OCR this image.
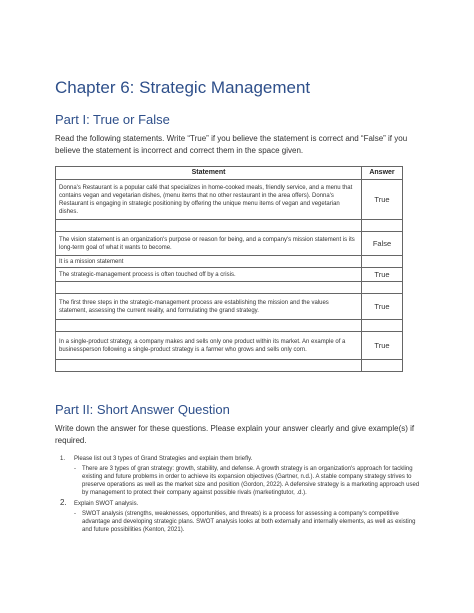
Chapter 6: Strategic Management
Part I: True or False
Read the following statements. Write “True” if you believe the statement is correct and “False” if you believe the statement is incorrect and correct them in the space given.
Statement	Answer
Donna's Restaurant is a popular café that specializes in home-cooked meals, friendly service, and a menu that contains vegan and vegetarian dishes, (menu items that no other restaurant in the area offers). Donna's Restaurant is engaging in strategic positioning by offering the unique menu items of vegan and vegetarian dishes.	True

The vision statement is an organization's purpose or reason for being, and a company's mission statement is its long-term goal of what it wants to become.	False
It is a mission statement	
The strategic-management process is often touched off by a crisis.	True

The first three steps in the strategic-management process are establishing the mission and the values statement, assessing the current reality, and formulating the grand strategy.	True

In a single-product strategy, a company makes and sells only one product within its market. An example of a businessperson following a single-product strategy is a farmer who grows and sells only corn.	True

Part II: Short Answer Question
Write down the answer for these questions. Please explain your answer clearly and give example(s) if required.
1.	Please list out 3 types of Grand Strategies and explain them briefly.
- There are 3 types of gran strategy: growth, stability, and defense. A growth strategy is an organization's approach for tackling existing and future problems in order to achieve its expansion objectives (Gartner, n.d.). A stable company strategy strives to preserve operations as well as the market size and position (Gordon, 2022). A defensive strategy is a marketing approach used by management to protect their company against possible rivals (marketingtutor, .d.).
2.	Explain SWOT analysis.
- SWOT analysis (strengths, weaknesses, opportunities, and threats) is a process for assessing a company's competitive advantage and developing strategic plans. SWOT analysis looks at both externally and internally elements, as well as existing and future possibilities (Kenton, 2021).
